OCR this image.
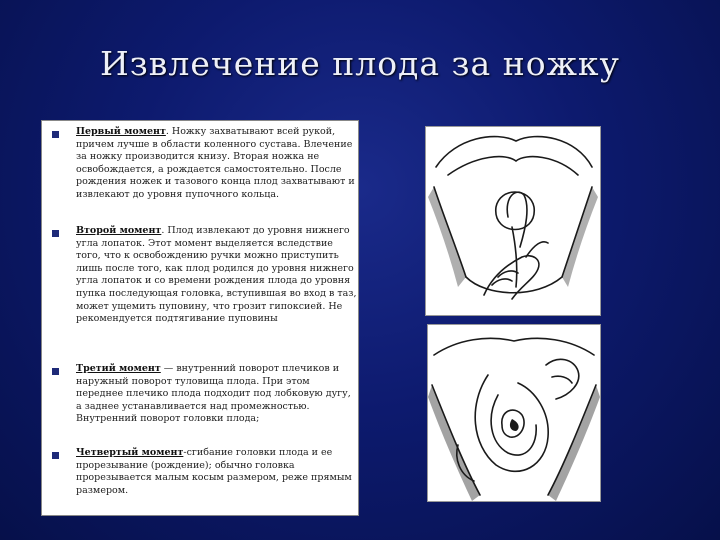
Извлечение плода за ножку
Первый момент. Ножку захватывают всей рукой, причем лучше в области коленного сустава. Влечение за ножку производится книзу. Вторая ножка не освобождается, а рождается самостоятельно. После рождения ножек и тазового конца плод захватывают и извлекают до уровня пупочного кольца.
Второй момент. Плод извлекают до уровня нижнего угла лопаток. Этот момент выделяется вследствие того, что к освобождению ручки можно приступить лишь после того, как плод родился до уровня нижнего угла лопаток и со времени рождения плода до уровня пупка последующая головка, вступившая во вход в таз, может ущемить пуповину, что грозит гипоксией. Не рекомендуется подтягивание пуповины
Третий момент — внутренний поворот плечиков и наружный поворот туловища плода. При этом переднее плечико плода подходит под лобковую дугу, а заднее устанавливается над промежностью. Внутренний поворот головки плода;
Четвертый момент-сгибание головки плода и ее прорезывание (рождение); обычно головка прорезывается малым косым размером, реже прямым размером.
